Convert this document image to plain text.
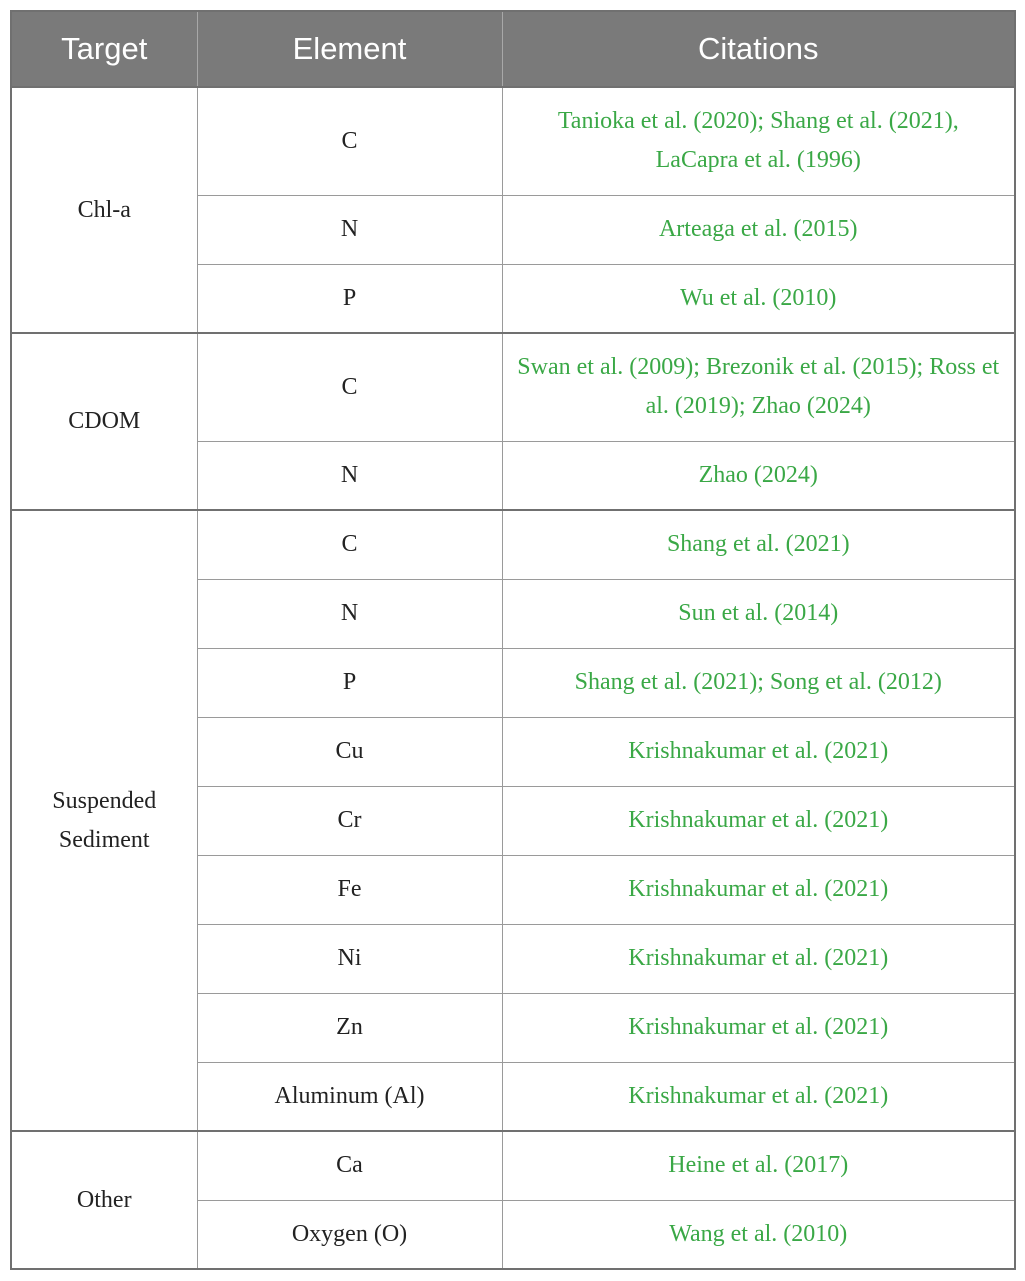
Target	Element	Citations
Chl-a	C	Tanioka et al. (2020); Shang et al. (2021), LaCapra et al. (1996)
	N	Arteaga et al. (2015)
	P	Wu et al. (2010)
CDOM	C	Swan et al. (2009); Brezonik et al. (2015); Ross et al. (2019); Zhao (2024)
	N	Zhao (2024)
Suspended Sediment	C	Shang et al. (2021)
	N	Sun et al. (2014)
	P	Shang et al. (2021); Song et al. (2012)
	Cu	Krishnakumar et al. (2021)
	Cr	Krishnakumar et al. (2021)
	Fe	Krishnakumar et al. (2021)
	Ni	Krishnakumar et al. (2021)
	Zn	Krishnakumar et al. (2021)
	Aluminum (Al)	Krishnakumar et al. (2021)
Other	Ca	Heine et al. (2017)
	Oxygen (O)	Wang et al. (2010)
